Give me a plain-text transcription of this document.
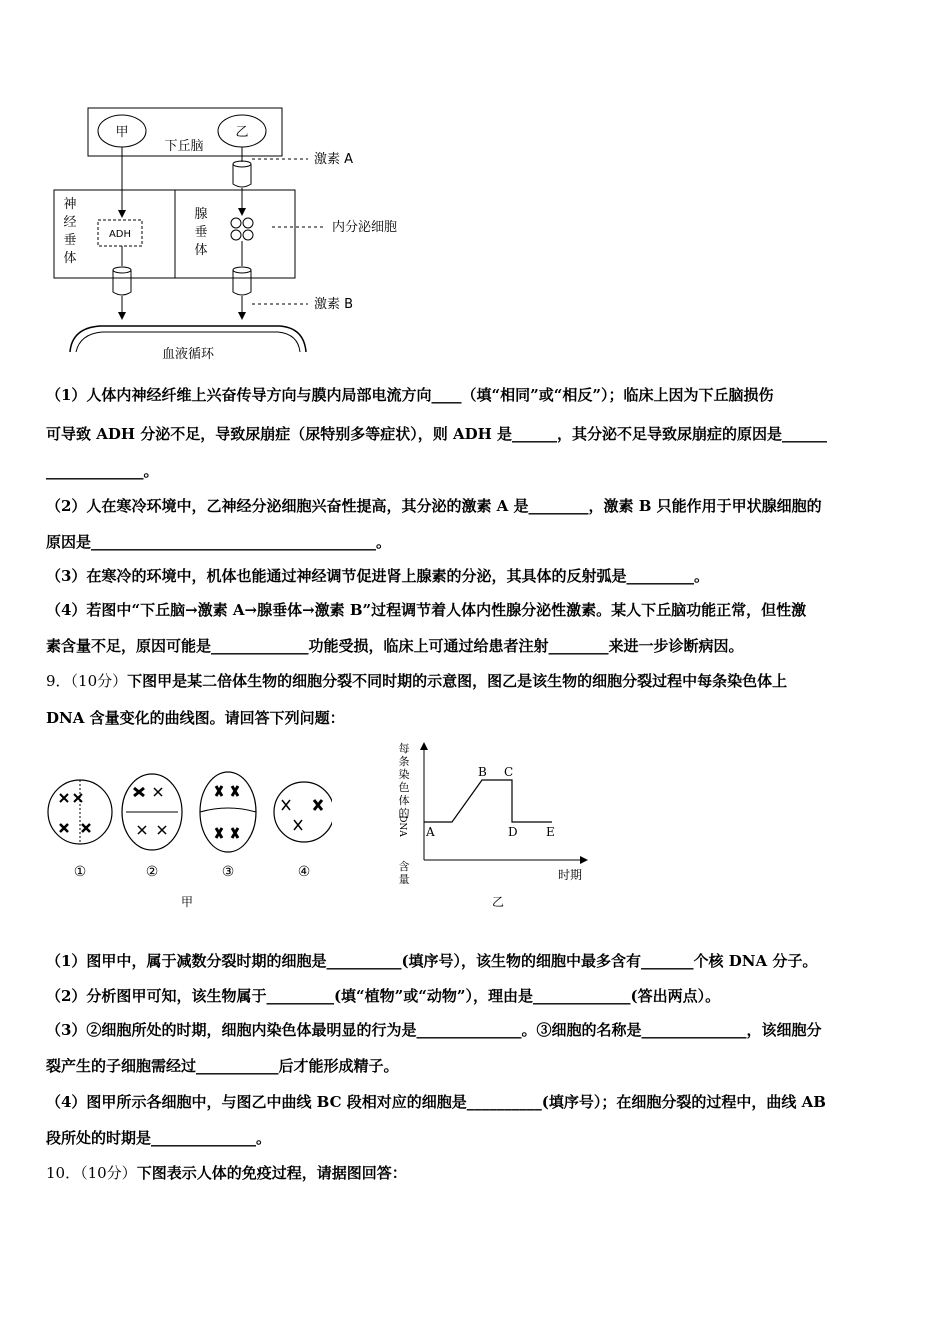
甲	乙
下丘脑
激素 A
神
经
垂
体
腺
垂
体
ADH	内分泌细胞
激素 B
血液循环
（1）人体内神经纤维上兴奋传导方向与膜内局部电流方向____（填“相同”或“相反”）；临床上因为下丘脑损伤
可导致 ADH 分泌不足，导致尿崩症（尿特别多等症状），则 ADH 是______，其分泌不足导致尿崩症的原因是______
_____________。
（2）人在寒冷环境中，乙神经分泌细胞兴奋性提高，其分泌的激素 A 是________，激素 B 只能作用于甲状腺细胞的
原因是______________________________________。
（3）在寒冷的环境中，机体也能通过神经调节促进肾上腺素的分泌，其具体的反射弧是_________。
（4）若图中“下丘脑→激素 A→腺垂体→激素 B”过程调节着人体内性腺分泌性激素。某人下丘脑功能正常，但性激
素含量不足，原因可能是_____________功能受损，临床上可通过给患者注射________来进一步诊断病因。
9．（10分）下图甲是某二倍体生物的细胞分裂不同时期的示意图，图乙是该生物的细胞分裂过程中每条染色体上
DNA 含量变化的曲线图。请回答下列问题：
①	②	③	④
甲
每
条
染
色
体
的
DNA
含
量
A
B C
D E
时期
乙
（1）图甲中，属于减数分裂时期的细胞是__________(填序号），该生物的细胞中最多含有_______个核 DNA 分子。
（2）分析图甲可知，该生物属于_________(填“植物”或“动物”），理由是_____________(答出两点）。
（3）②细胞所处的时期，细胞内染色体最明显的行为是______________。③细胞的名称是______________，该细胞分
裂产生的子细胞需经过___________后才能形成精子。
（4）图甲所示各细胞中，与图乙中曲线 BC 段相对应的细胞是__________(填序号）；在细胞分裂的过程中，曲线 AB
段所处的时期是______________。
10．（10分）下图表示人体的免疫过程，请据图回答：
